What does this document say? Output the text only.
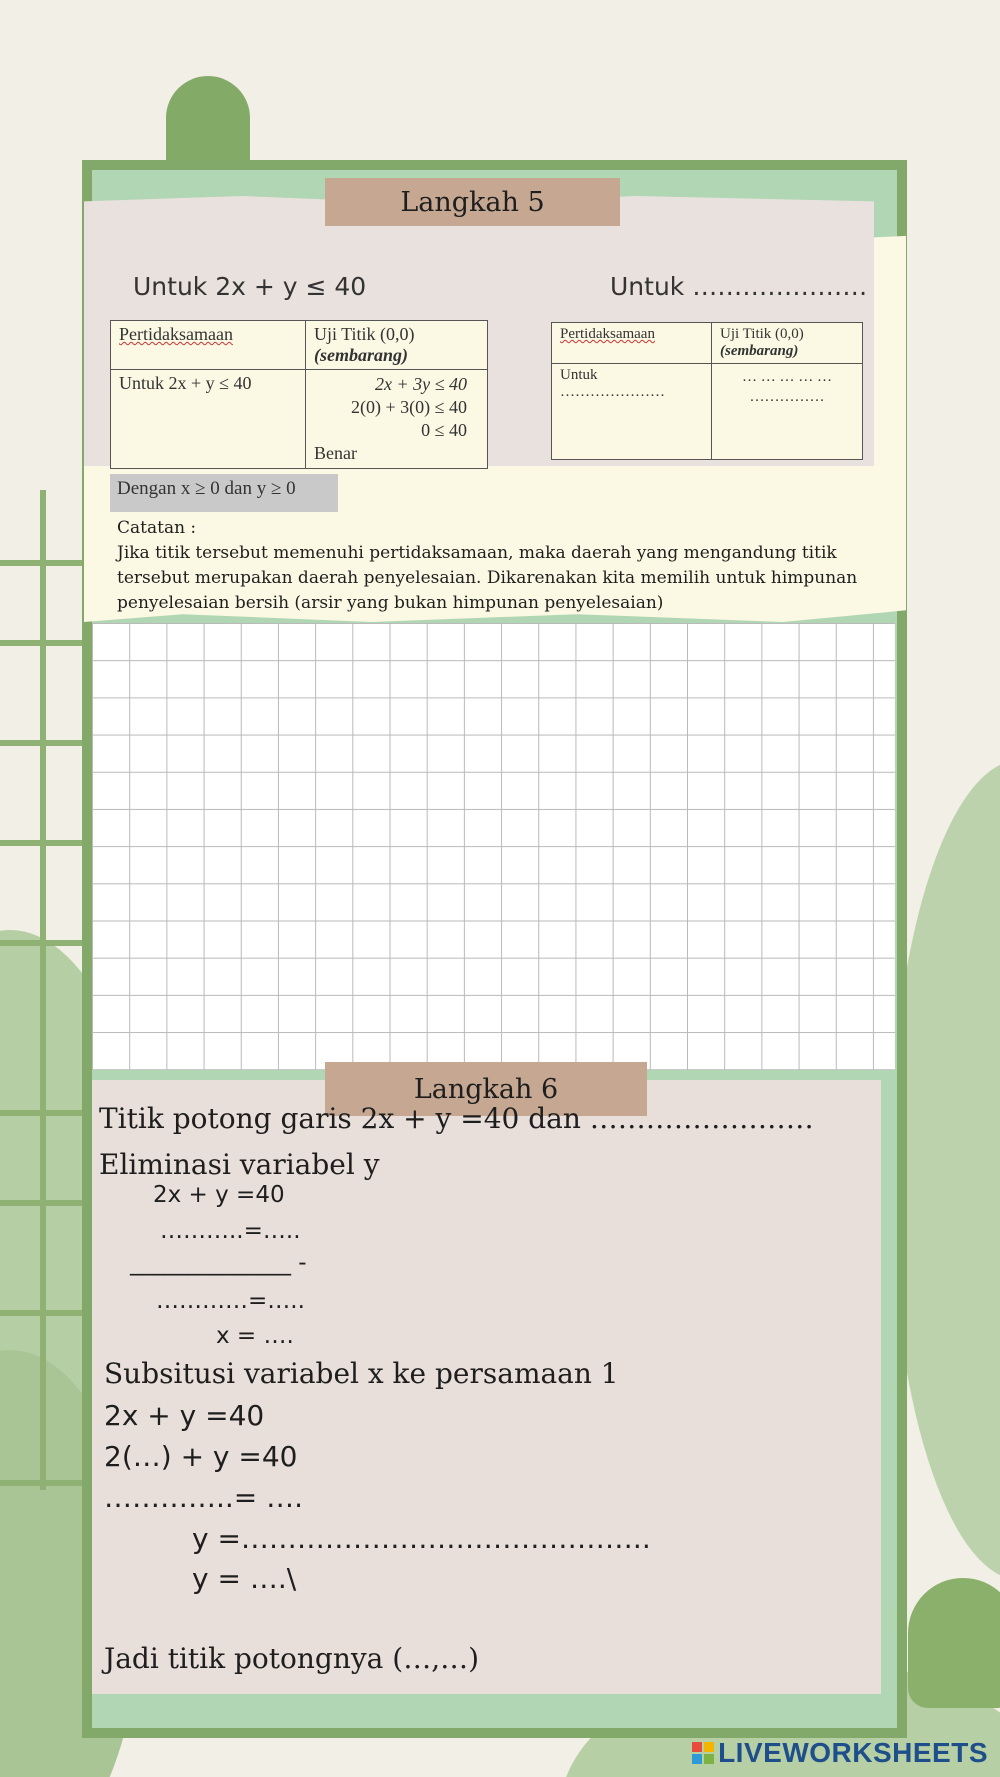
Langkah 5
Untuk 2x + y ≤ 40	Untuk …………………
Pertidaksamaan	Uji Titik (0,0)
(sembarang)

Untuk 2x + y ≤ 40	2x + 3y ≤ 40
2(0) + 3(0) ≤ 40
0 ≤ 40
Benar
Pertidaksamaan	Uji Titik (0,0)
(sembarang)

Untuk …………………	… … … … …
……………
Dengan x ≥ 0 dan y ≥ 0
Catatan :
Jika titik tersebut memenuhi pertidaksamaan, maka daerah yang mengandung titik tersebut merupakan daerah penyelesaian. Dikarenakan kita memilih untuk himpunan penyelesaian bersih (arsir yang bukan himpunan penyelesaian)
Langkah 6
Titik potong garis 2x + y =40 dan ……………………
Eliminasi variabel y
2x + y =40
………..=…..
______________ -
…………=…..
x = ….
Subsitusi variabel x ke persamaan 1
2x + y =40
2(…) + y =40
…………..= ….
y =……………………………………..
y = ….\
Jadi titik potongnya (…,…)
LIVEWORKSHEETS
